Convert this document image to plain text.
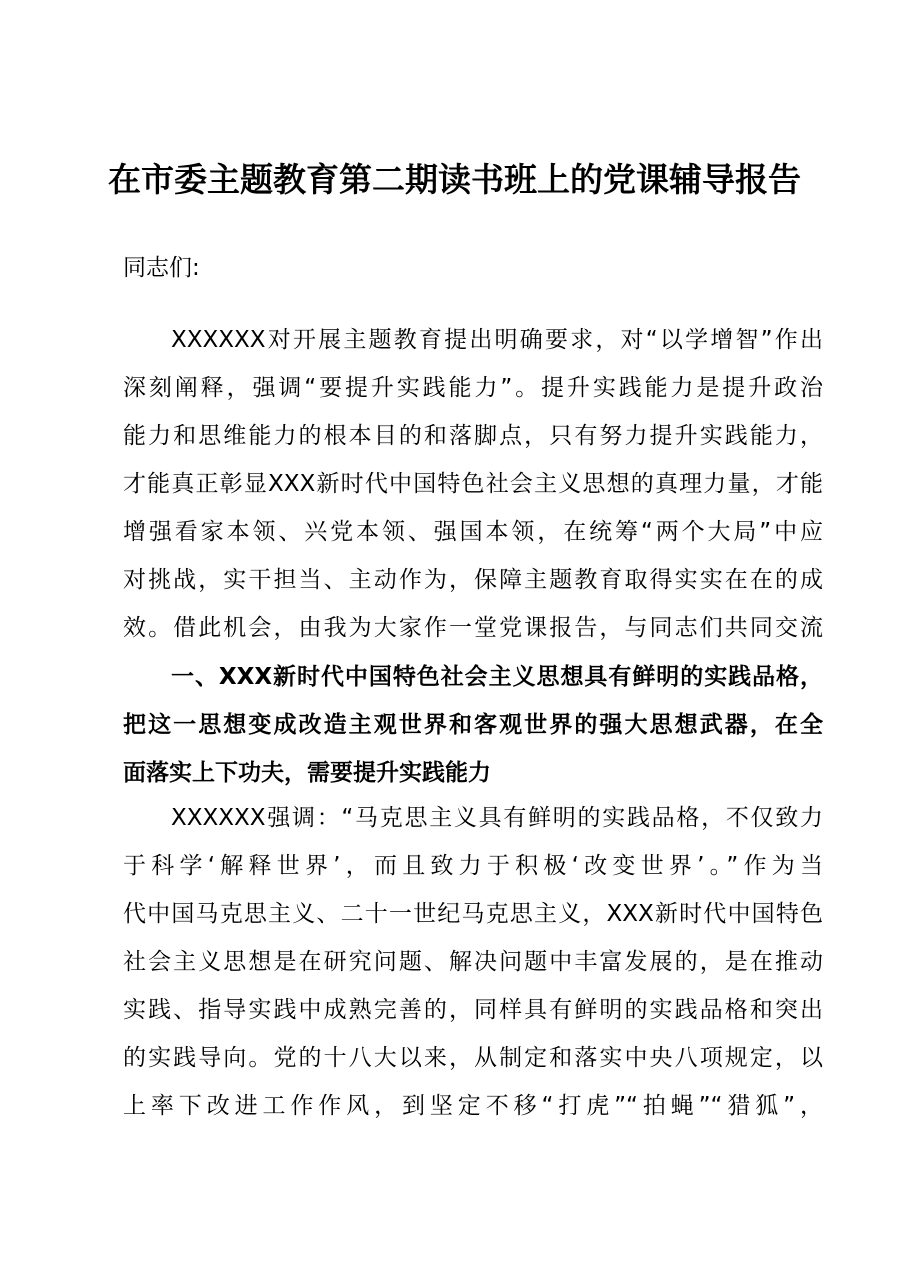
在市委主题教育第二期读书班上的党课辅导报告
同志们:
XXXXXX对开展主题教育提出明确要求，对“以学增智”作出
深刻阐释，强调“要提升实践能力”。提升实践能力是提升政治
能力和思维能力的根本目的和落脚点，只有努力提升实践能力，
才能真正彰显XXX新时代中国特色社会主义思想的真理力量，才能
增强看家本领、兴党本领、强国本领，在统筹“两个大局”中应
对挑战，实干担当、主动作为，保障主题教育取得实实在在的成
效。借此机会，由我为大家作一堂党课报告，与同志们共同交流
一、XXX新时代中国特色社会主义思想具有鲜明的实践品格，
把这一思想变成改造主观世界和客观世界的强大思想武器，在全
面落实上下功夫，需要提升实践能力
XXXXXX强调：“马克思主义具有鲜明的实践品格，不仅致力
于科学‘解释世界’，而且致力于积极‘改变世界’。”作为当
代中国马克思主义、二十一世纪马克思主义，XXX新时代中国特色
社会主义思想是在研究问题、解决问题中丰富发展的，是在推动
实践、指导实践中成熟完善的，同样具有鲜明的实践品格和突出
的实践导向。党的十八大以来，从制定和落实中央八项规定，以
上率下改进工作作风，到坚定不移“打虎”“拍蝇”“猎狐”，
